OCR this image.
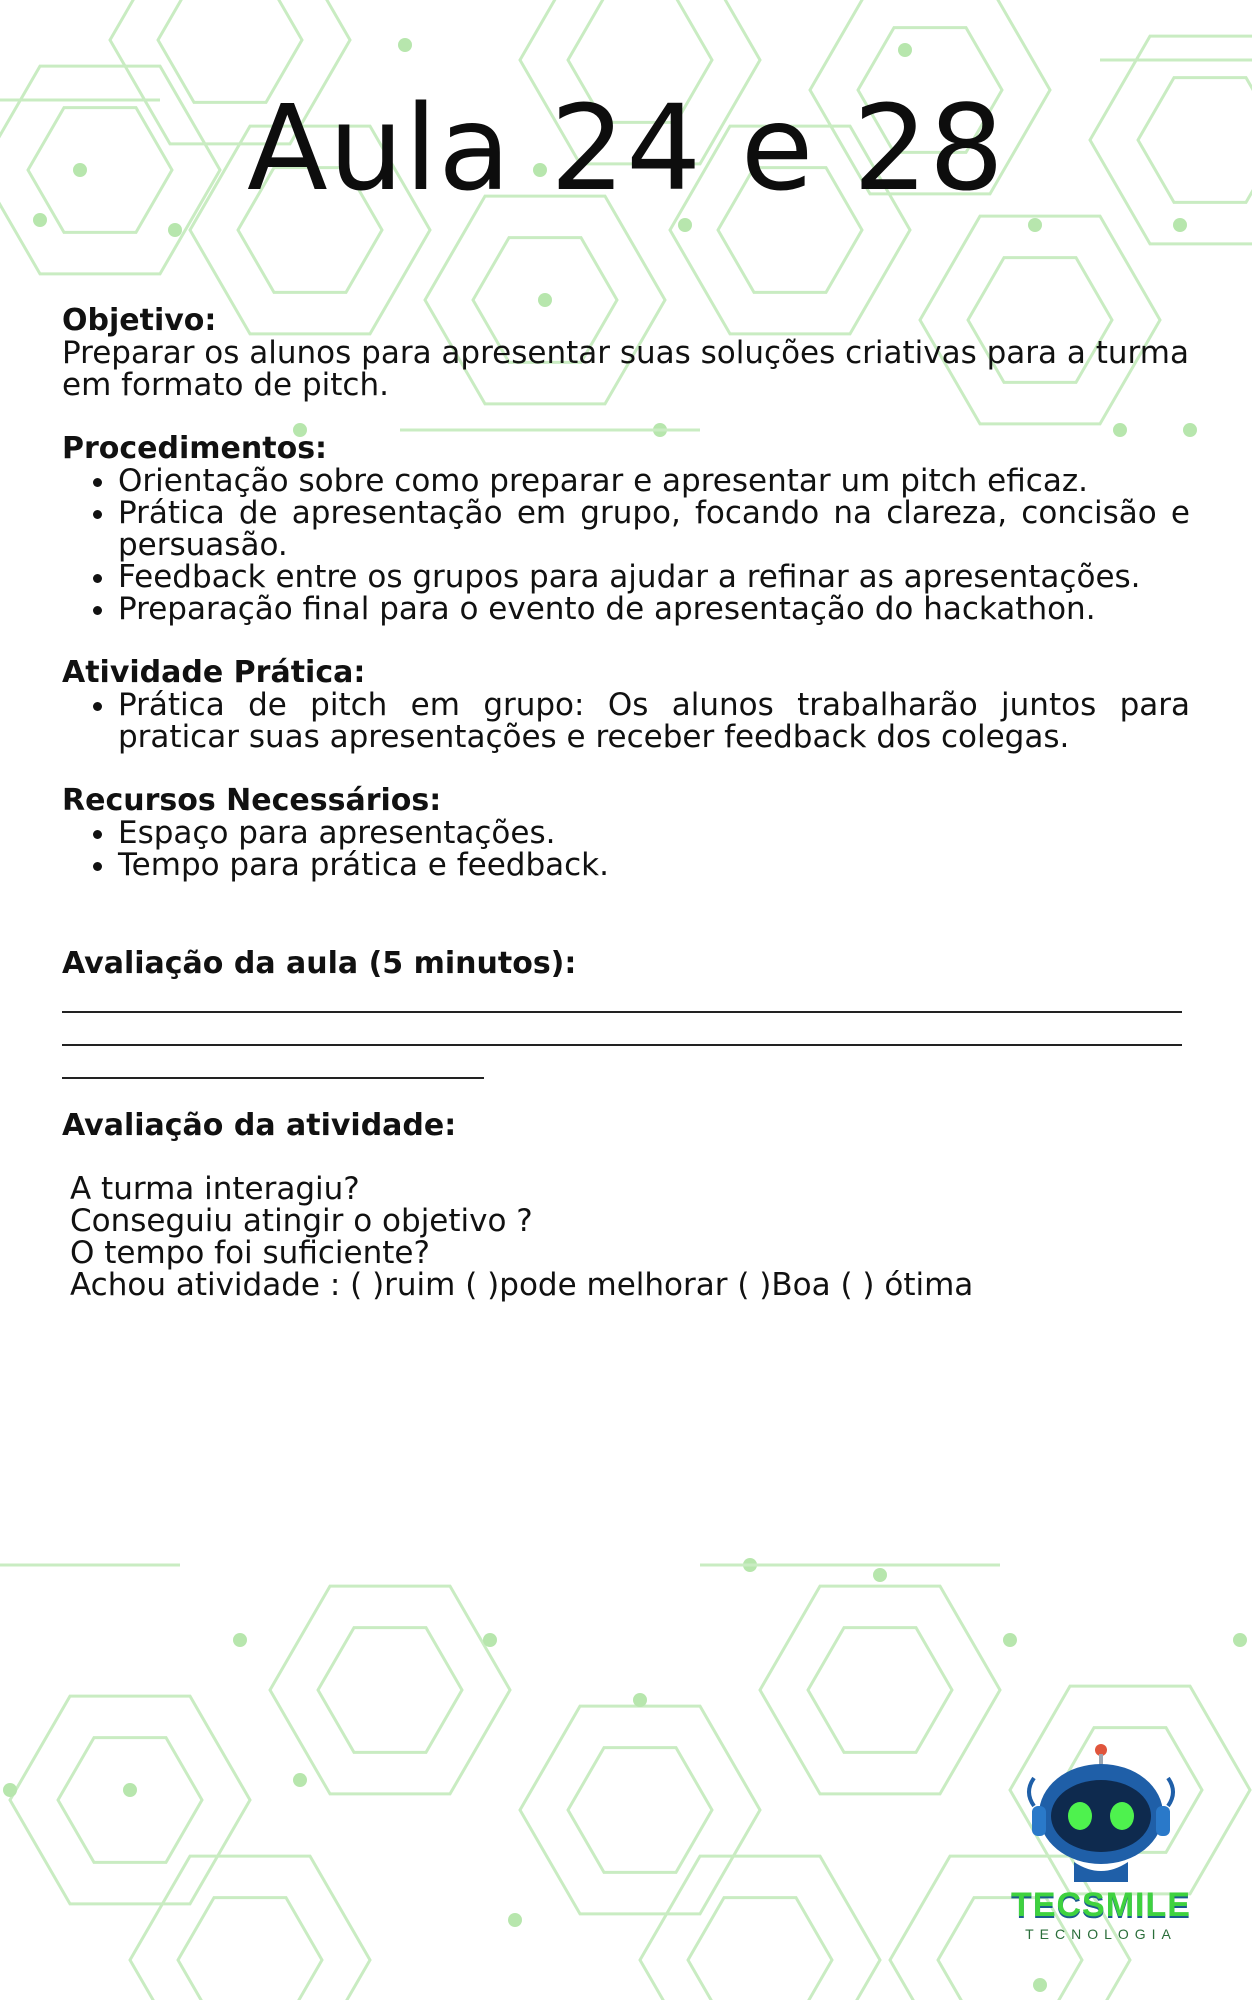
Aula 24 e 28

Objetivo:

Preparar os alunos para apresentar suas soluções criativas para a turma em formato de pitch.

Procedimentos:

• Orientação sobre como preparar e apresentar um pitch eficaz.
• Prática de apresentação em grupo, focando na clareza, concisão e persuasão.
• Feedback entre os grupos para ajudar a refinar as apresentações.
• Preparação final para o evento de apresentação do hackathon.

Atividade Prática:

• Prática de pitch em grupo: Os alunos trabalharão juntos para praticar suas apresentações e receber feedback dos colegas.

Recursos Necessários:

• Espaço para apresentações.
• Tempo para prática e feedback.

Avaliação da aula (5 minutos):

Avaliação da atividade:

A turma interagiu?
Conseguiu atingir o objetivo ?
O tempo foi suficiente?
Achou atividade : ( )ruim ( )pode melhorar ( )Boa ( ) ótima
TECSMILE
TECNOLOGIA
